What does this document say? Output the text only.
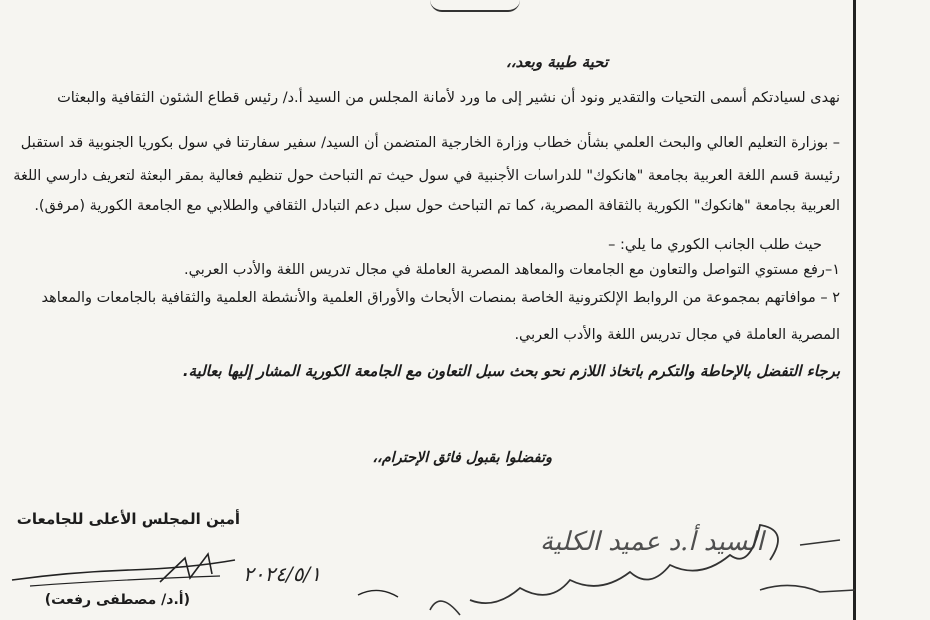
تحية طيبة وبعد،،
نهدى لسيادتكم أسمى التحيات والتقدير ونود أن نشير إلى ما ورد لأمانة المجلس من السيد أ.د/ رئيس قطاع الشئون الثقافية والبعثات
– بوزارة التعليم العالي والبحث العلمي بشأن خطاب وزارة الخارجية المتضمن أن السيد/ سفير سفارتنا في سول بكوريا الجنوبية قد استقبل
رئيسة قسم اللغة العربية بجامعة "هانكوك" للدراسات الأجنبية في سول حيث تم التباحث حول تنظيم فعالية بمقر البعثة لتعريف دارسي اللغة
العربية بجامعة "هانكوك" الكورية بالثقافة المصرية، كما تم التباحث حول سبل دعم التبادل الثقافي والطلابي مع الجامعة الكورية (مرفق).
حيث طلب الجانب الكوري ما يلي: –
١–رفع مستوي التواصل والتعاون مع الجامعات والمعاهد المصرية العاملة في مجال تدريس اللغة والأدب العربي.
٢ – موافاتهم بمجموعة من الروابط الإلكترونية الخاصة بمنصات الأبحاث والأوراق العلمية والأنشطة العلمية والثقافية بالجامعات والمعاهد
المصرية العاملة في مجال تدريس اللغة والأدب العربي.
برجاء التفضل بالإحاطة والتكرم باتخاذ اللازم نحو بحث سبل التعاون مع الجامعة الكورية المشار إليها بعالية.
وتفضلوا بقبول فائق الإحترام،،
أمين المجلس الأعلى للجامعات
(أ.د/ مصطفى رفعت)
٢٠٢٤/٥/١
السيد أ.د عميد الكلية
